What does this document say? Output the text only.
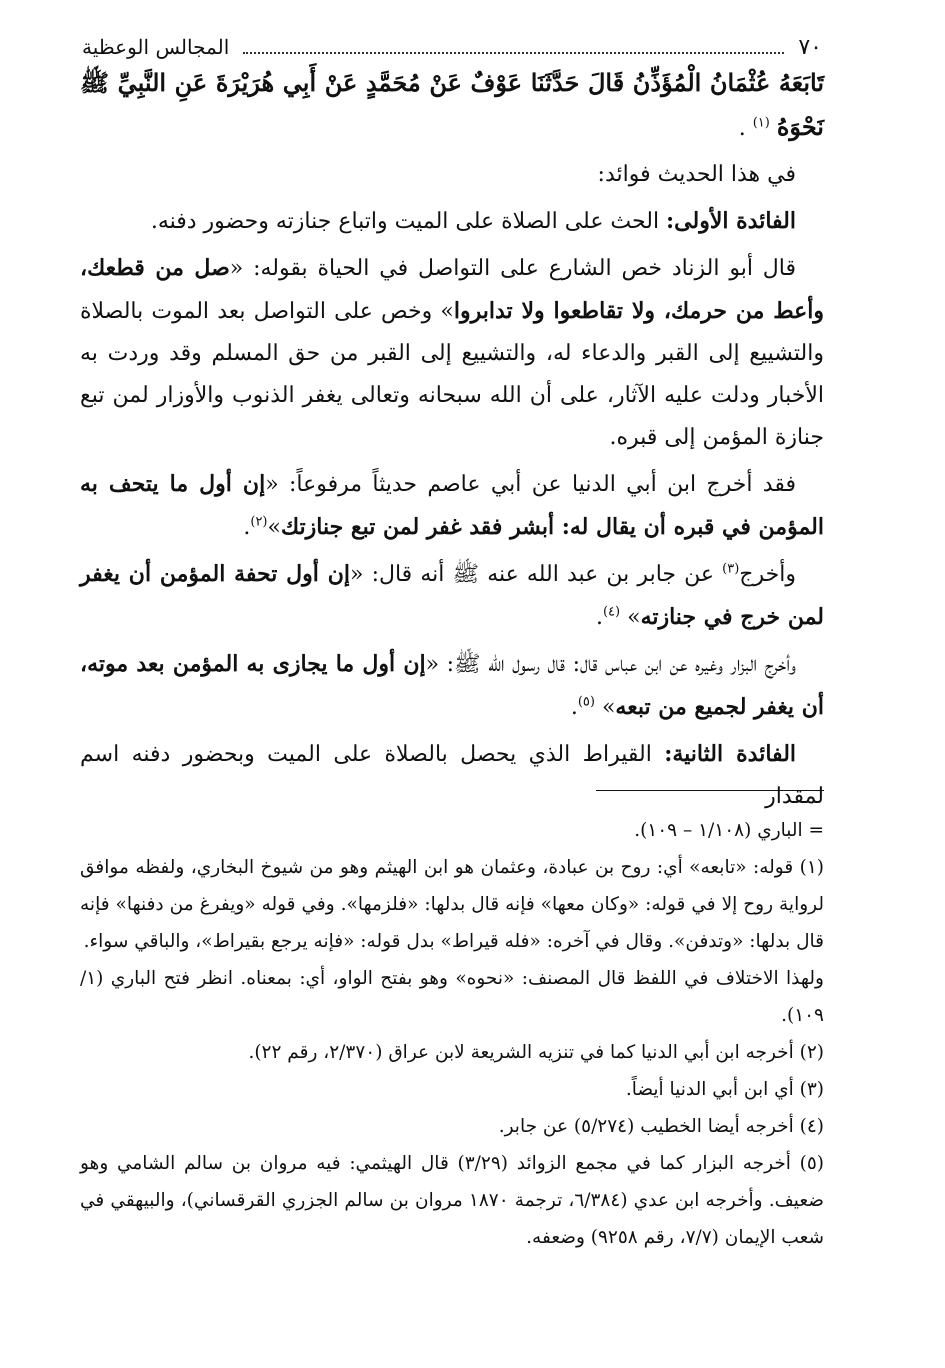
٧٠
المجالس الوعظية

تَابَعَهُ عُثْمَانُ الْمُؤَذِّنُ قَالَ حَدَّثَنَا عَوْفٌ عَنْ مُحَمَّدٍ عَنْ أَبِي هُرَيْرَةَ عَنِ النَّبِيِّ ﷺ نَحْوَهُ $^{(١)}$ .

في هذا الحديث فوائد:

الفائدة الأولى: الحث على الصلاة على الميت واتباع جنازته وحضور دفنه.

قال أبو الزناد خص الشارع على التواصل في الحياة بقوله: «صل من قطعك، وأعط من حرمك، ولا تقاطعوا ولا تدابروا» وخص على التواصل بعد الموت بالصلاة والتشييع إلى القبر والدعاء له، والتشييع إلى القبر من حق المسلم وقد وردت به الأخبار ودلت عليه الآثار، على أن الله سبحانه وتعالى يغفر الذنوب والأوزار لمن تبع جنازة المؤمن إلى قبره.

فقد أخرج ابن أبي الدنيا عن أبي عاصم حديثاً مرفوعاً: «إن أول ما يتحف به المؤمن في قبره أن يقال له: أبشر فقد غفر لمن تبع جنازتك»$^{(٢)}$.

وأخرج$^{(٣)}$ عن جابر بن عبد الله عنه ﷺ أنه قال: «إن أول تحفة المؤمن أن يغفر لمن خرج في جنازته» $^{(٤)}$.

وأخرج البزار وغيره عن ابن عباس قال: قال رسول الله ﷺ: «إن أول ما يجازى به المؤمن بعد موته، أن يغفر لجميع من تبعه» $^{(٥)}$.

الفائدة الثانية: القيراط الذي يحصل بالصلاة على الميت وبحضور دفنه اسم لمقدار

= الباري (١/١٠٨ – ١٠٩).

(١) قوله: «تابعه» أي: روح بن عبادة، وعثمان هو ابن الهيثم وهو من شيوخ البخاري، ولفظه موافق لرواية روح إلا في قوله: «وكان معها» فإنه قال بدلها: «فلزمها». وفي قوله «ويفرغ من دفنها» فإنه قال بدلها: «وتدفن». وقال في آخره: «فله قيراط» بدل قوله: «فإنه يرجع بقيراط»، والباقي سواء.

ولهذا الاختلاف في اللفظ قال المصنف: «نحوه» وهو بفتح الواو، أي: بمعناه. انظر فتح الباري (١/ ١٠٩).

(٢) أخرجه ابن أبي الدنيا كما في تنزيه الشريعة لابن عراق (٢/٣٧٠، رقم ٢٢).

(٣) أي ابن أبي الدنيا أيضاً.

(٤) أخرجه أيضا الخطيب (٥/٢٧٤) عن جابر.

(٥) أخرجه البزار كما في مجمع الزوائد (٣/٢٩) قال الهيثمي: فيه مروان بن سالم الشامي وهو ضعيف. وأخرجه ابن عدي (٦/٣٨٤، ترجمة ١٨٧٠ مروان بن سالم الجزري القرقساني)، والبيهقي في شعب الإيمان (٧/٧، رقم ٩٢٥٨) وضعفه.
